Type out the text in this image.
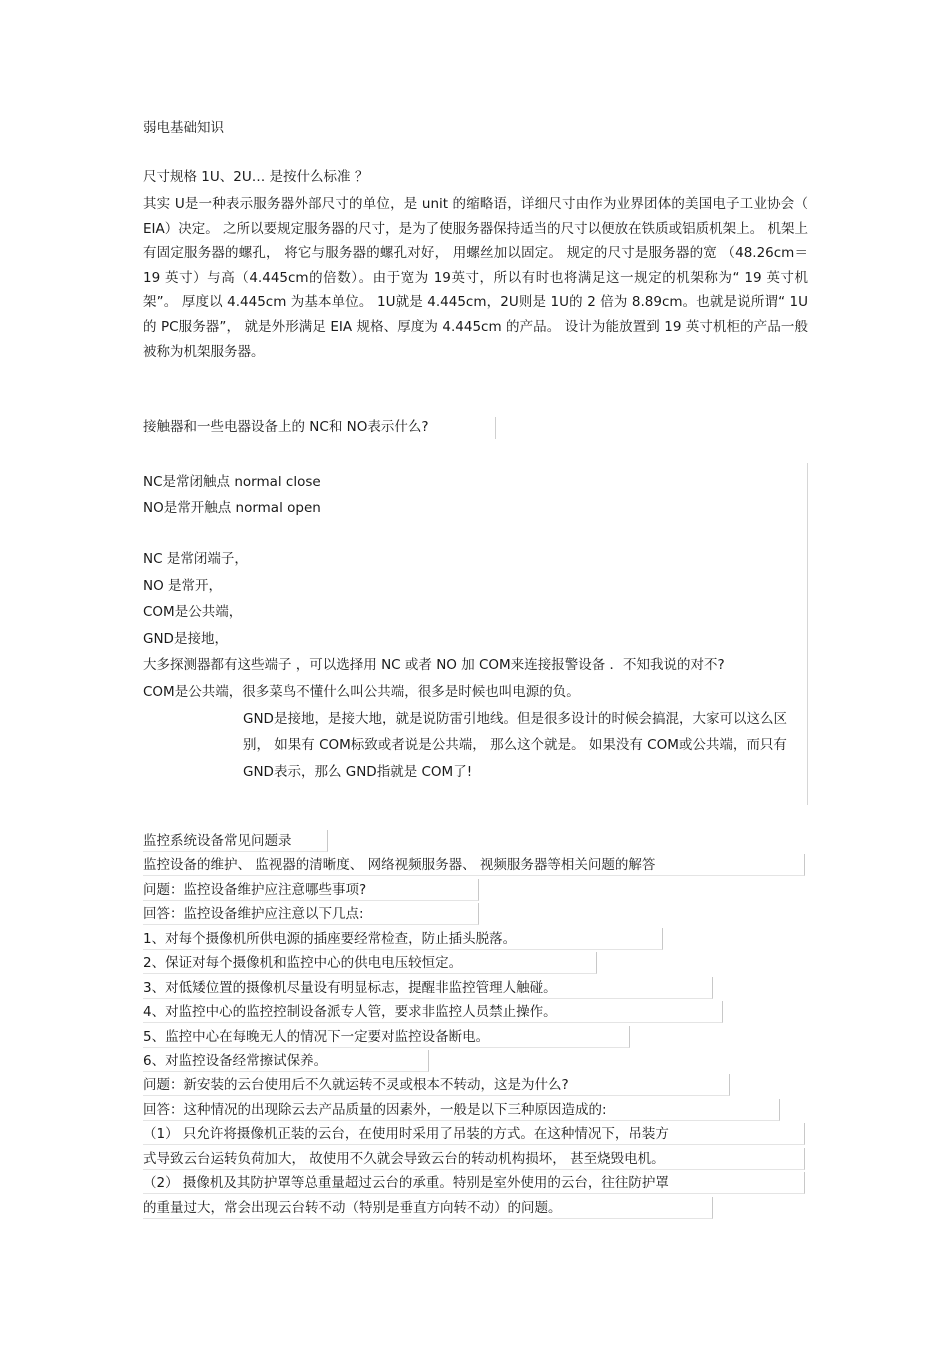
弱电基础知识
尺寸规格 1U、2U… 是按什么标准 ？
其实 U是一种表示服务器外部尺寸的单位，是 unit 的缩略语，详细尺寸由作为业界团体的美国电子工业协会（ EIA）决定。 之所以要规定服务器的尺寸，是为了使服务器保持适当的尺寸以便放在铁质或铝质机架上。 机架上有固定服务器的螺孔， 将它与服务器的螺孔对好， 用螺丝加以固定。 规定的尺寸是服务器的宽 （48.26cm＝19 英寸）与高（4.445cm的倍数）。由于宽为 19英寸，所以有时也将满足这一规定的机架称为“ 19 英寸机架”。 厚度以 4.445cm 为基本单位。 1U就是 4.445cm，2U则是 1U的 2 倍为 8.89cm。也就是说所谓“ 1U的 PC服务器”， 就是外形满足 EIA 规格、厚度为 4.445cm 的产品。 设计为能放置到 19 英寸机柜的产品一般被称为机架服务器。
接触器和一些电器设备上的 NC和 NO表示什么?
NC是常闭触点 normal close
NO是常开触点 normal open
NC 是常闭端子，
NO 是常开，
COM是公共端，
GND是接地，
大多探测器都有这些端子 ，可以选择用 NC 或者 NO 加 COM来连接报警设备 ．不知我说的对不?
COM是公共端，很多菜鸟不懂什么叫公共端，很多是时候也叫电源的负。
GND是接地，是接大地，就是说防雷引地线。但是很多设计的时候会搞混，大家可以这么区别， 如果有 COM标致或者说是公共端， 那么这个就是。 如果没有 COM或公共端，而只有 GND表示，那么 GND指就是 COM了!
监控系统设备常见问题录
监控设备的维护、 监视器的清晰度、 网络视频服务器、 视频服务器等相关问题的解答
问题：监控设备维护应注意哪些事项?
回答：监控设备维护应注意以下几点:
1、对每个摄像机所供电源的插座要经常检查，防止插头脱落。
2、保证对每个摄像机和监控中心的供电电压较恒定。
3、对低矮位置的摄像机尽量设有明显标志，提醒非监控管理人触碰。
4、对监控中心的监控控制设备派专人管，要求非监控人员禁止操作。
5、监控中心在每晚无人的情况下一定要对监控设备断电。
6、对监控设备经常擦试保养。
问题：新安装的云台使用后不久就运转不灵或根本不转动，这是为什么?
回答：这种情况的出现除云去产品质量的因素外，一般是以下三种原因造成的:
（1） 只允许将摄像机正装的云台，在使用时采用了吊装的方式。在这种情况下，吊装方
式导致云台运转负荷加大， 故使用不久就会导致云台的转动机构损坏， 甚至烧毁电机。
（2） 摄像机及其防护罩等总重量超过云台的承重。特别是室外使用的云台，往往防护罩
的重量过大，常会出现云台转不动（特别是垂直方向转不动）的问题。
